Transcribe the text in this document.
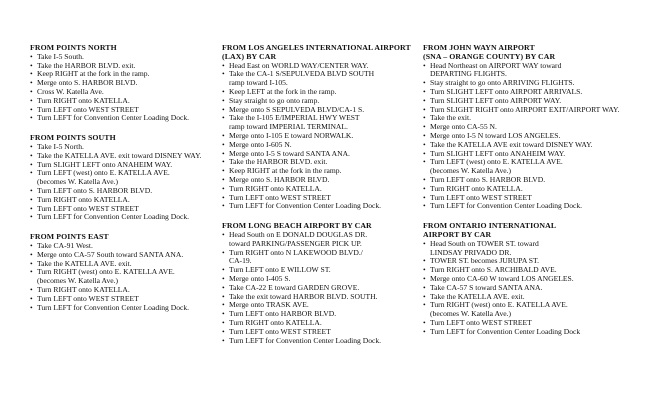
FROM POINTS NORTH
• Take I-5 South.
• Take the HARBOR BLVD. exit.
• Keep RIGHT at the fork in the ramp.
• Merge onto S. HARBOR BLVD.
• Cross W. Katella Ave.
• Turn RIGHT onto KATELLA.
• Turn LEFT onto WEST STREET
• Turn LEFT for Convention Center Loading Dock.
FROM POINTS SOUTH
• Take I-5 North.
• Take the KATELLA AVE. exit toward DISNEY WAY.
• Turn SLIGHT LEFT onto ANAHEIM WAY.
• Turn LEFT (west) onto E. KATELLA AVE.
(becomes W. Katella Ave.)
• Turn LEFT onto S. HARBOR BLVD.
• Turn RIGHT onto KATELLA.
• Turn LEFT onto WEST STREET
• Turn LEFT for Convention Center Loading Dock.
FROM POINTS EAST
• Take CA-91 West.
• Merge onto CA-57 South toward SANTA ANA.
• Take the KATELLA AVE. exit.
• Turn RIGHT (west) onto E. KATELLA AVE.
(becomes W. Katella Ave.)
• Turn RIGHT onto KATELLA.
• Turn LEFT onto WEST STREET
• Turn LEFT for Convention Center Loading Dock.
FROM LOS ANGELES INTERNATIONAL AIRPORT
(LAX) BY CAR
• Head East on WORLD WAY/CENTER WAY.
• Take the CA-1 S/SEPULVEDA BLVD SOUTH
ramp toward I-105.
• Keep LEFT at the fork in the ramp.
• Stay straight to go onto ramp.
• Merge onto S SEPULVEDA BLVD/CA-1 S.
• Take the I-105 E/IMPERIAL HWY WEST
ramp toward IMPERIAL TERMINAL.
• Merge onto I-105 E toward NORWALK.
• Merge onto I-605 N.
• Merge onto I-5 S toward SANTA ANA.
• Take the HARBOR BLVD. exit.
• Keep RIGHT at the fork in the ramp.
• Merge onto S. HARBOR BLVD.
• Turn RIGHT onto KATELLA.
• Turn LEFT onto WEST STREET
• Turn LEFT for Convention Center Loading Dock.
FROM LONG BEACH AIRPORT BY CAR
• Head South on E DONALD DOUGLAS DR.
toward PARKING/PASSENGER PICK UP.
• Turn RIGHT onto N LAKEWOOD BLVD./
CA-19.
• Turn LEFT onto E WILLOW ST.
• Merge onto I-405 S.
• Take CA-22 E toward GARDEN GROVE.
• Take the exit toward HARBOR BLVD. SOUTH.
• Merge onto TRASK AVE.
• Turn LEFT onto HARBOR BLVD.
• Turn RIGHT onto KATELLA.
• Turn LEFT onto WEST STREET
• Turn LEFT for Convention Center Loading Dock.
FROM JOHN WAYN AIRPORT
(SNA – ORANGE COUNTY) BY CAR
• Head Northeast on AIRPORT WAY toward
DEPARTING FLIGHTS.
• Stay straight to go onto ARRIVING FLIGHTS.
• Turn SLIGHT LEFT onto AIRPORT ARRIVALS.
• Turn SLIGHT LEFT onto AIRPORT WAY.
• Turn SLIGHT RIGHT onto AIRPORT EXIT/AIRPORT WAY.
• Take the exit.
• Merge onto CA-55 N.
• Merge onto I-5 N toward LOS ANGELES.
• Take the KATELLA AVE exit toward DISNEY WAY.
• Turn SLIGHT LEFT onto ANAHEIM WAY.
• Turn LEFT (west) onto E. KATELLA AVE.
(becomes W. Katella Ave.)
• Turn LEFT onto S. HARBOR BLVD.
• Turn RIGHT onto KATELLA.
• Turn LEFT onto WEST STREET
• Turn LEFT for Convention Center Loading Dock.
FROM ONTARIO INTERNATIONAL
AIRPORT BY CAR
• Head South on TOWER ST. toward
LINDSAY PRIVADO DR.
• TOWER ST. becomes JURUPA ST.
• Turn RIGHT onto S. ARCHIBALD AVE.
• Merge onto CA-60 W toward LOS ANGELES.
• Take CA-57 S toward SANTA ANA.
• Take the KATELLA AVE. exit.
• Turn RIGHT (west) onto E. KATELLA AVE.
(becomes W. Katella Ave.)
• Turn LEFT onto WEST STREET
• Turn LEFT for Convention Center Loading Dock
